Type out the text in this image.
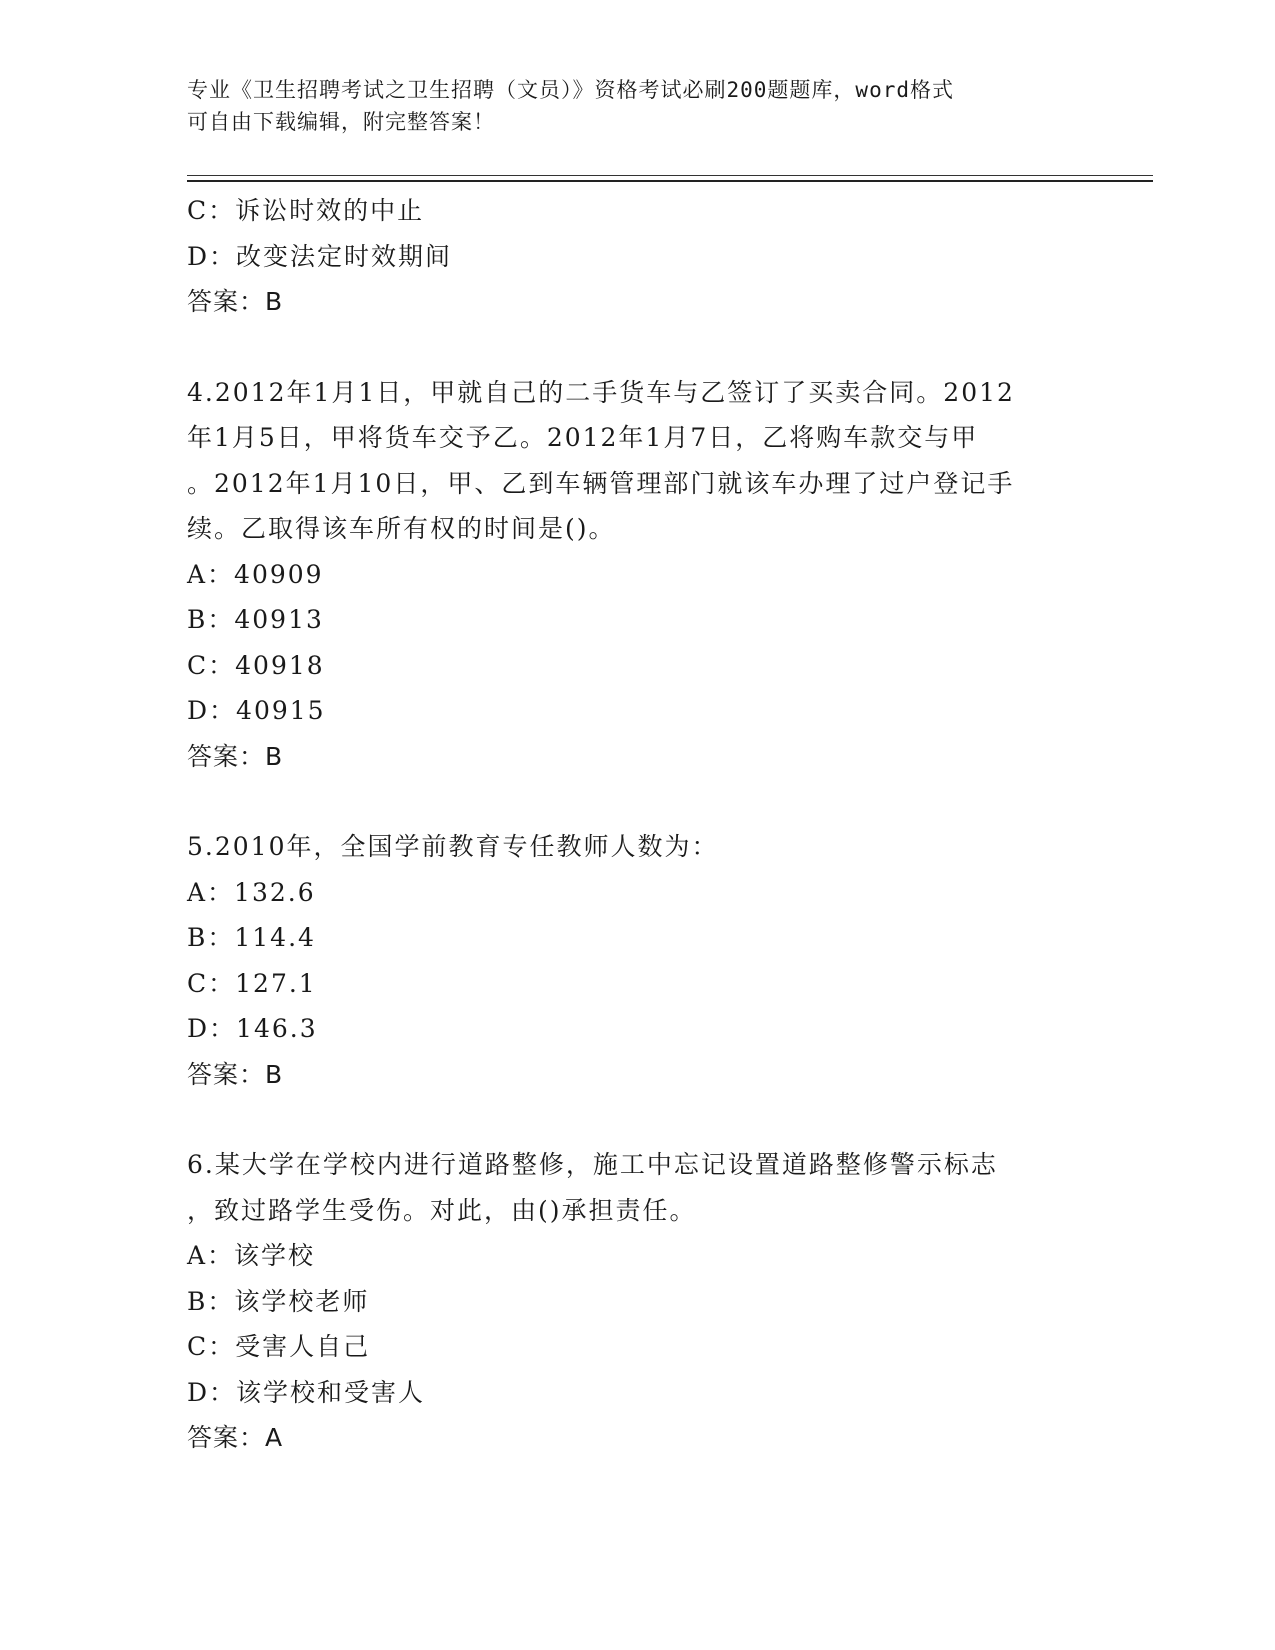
专业《卫生招聘考试之卫生招聘（文员）》资格考试必刷200题题库，word格式
可自由下载编辑，附完整答案！
C：诉讼时效的中止
D：改变法定时效期间
答案：B
4.2012年1月1日，甲就自己的二手货车与乙签订了买卖合同。2012
年1月5日，甲将货车交予乙。2012年1月7日，乙将购车款交与甲
。2012年1月10日，甲、乙到车辆管理部门就该车办理了过户登记手
续。乙取得该车所有权的时间是()。
A：40909
B：40913
C：40918
D：40915
答案：B
5.2010年，全国学前教育专任教师人数为：
A：132.6
B：114.4
C：127.1
D：146.3
答案：B
6.某大学在学校内进行道路整修，施工中忘记设置道路整修警示标志
，致过路学生受伤。对此，由()承担责任。
A：该学校
B：该学校老师
C：受害人自己
D：该学校和受害人
答案：A
